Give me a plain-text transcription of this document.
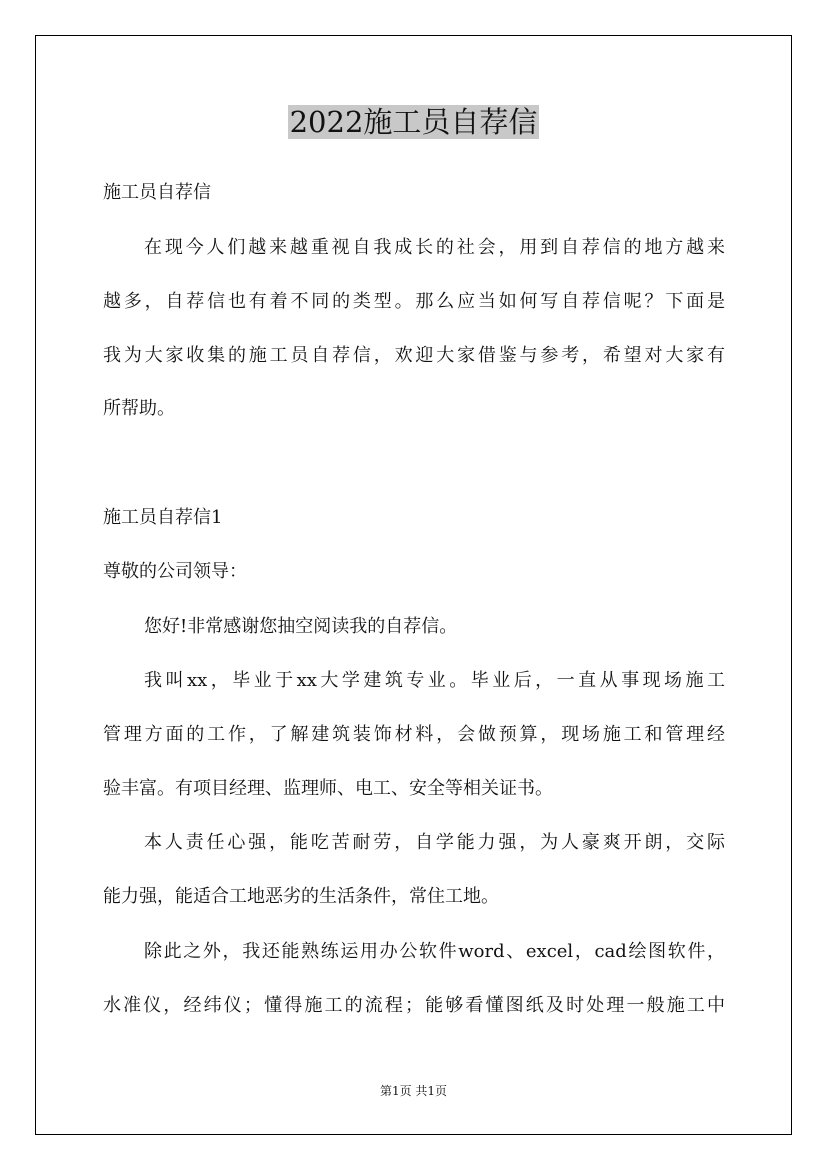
2022施工员自荐信
施工员自荐信
在现今人们越来越重视自我成长的社会，用到自荐信的地方越来
越多，自荐信也有着不同的类型。那么应当如何写自荐信呢？下面是
我为大家收集的施工员自荐信，欢迎大家借鉴与参考，希望对大家有
所帮助。
施工员自荐信1
尊敬的公司领导：
您好!非常感谢您抽空阅读我的自荐信。
我叫xx，毕业于xx大学建筑专业。毕业后，一直从事现场施工
管理方面的工作，了解建筑装饰材料，会做预算，现场施工和管理经
验丰富。有项目经理、监理师、电工、安全等相关证书。
本人责任心强，能吃苦耐劳，自学能力强，为人豪爽开朗，交际
能力强，能适合工地恶劣的生活条件，常住工地。
除此之外，我还能熟练运用办公软件word、excel，cad绘图软件，
水准仪，经纬仪；懂得施工的流程；能够看懂图纸及时处理一般施工中
第1页 共1页
